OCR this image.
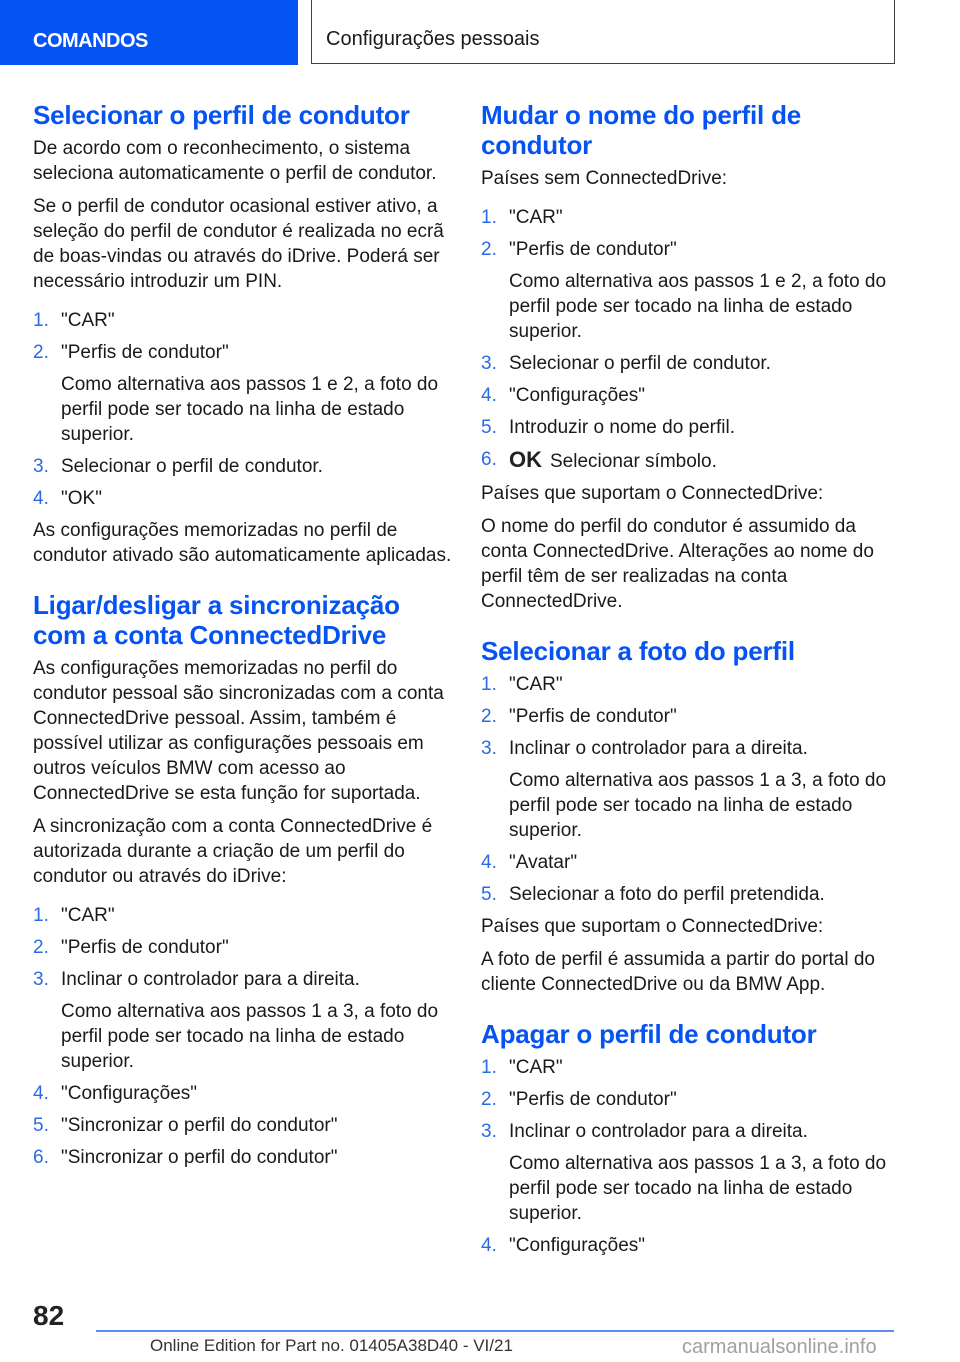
COMANDOS	Configurações pessoais
Selecionar o perfil de condutor

De acordo com o reconhecimento, o sistema seleciona automaticamente o perfil de condutor.

Se o perfil de condutor ocasional estiver ativo, a seleção do perfil de condutor é realizada no ecrã de boas-vindas ou através do iDrive. Poderá ser necessário introduzir um PIN.

1. "CAR"
2. "Perfis de condutor"
Como alternativa aos passos 1 e 2, a foto do perfil pode ser tocado na linha de estado superior.
3. Selecionar o perfil de condutor.
4. "OK"

As configurações memorizadas no perfil de condutor ativado são automaticamente aplicadas.

Ligar/desligar a sincronização com a conta ConnectedDrive

As configurações memorizadas no perfil do condutor pessoal são sincronizadas com a conta ConnectedDrive pessoal. Assim, também é possível utilizar as configurações pessoais em outros veículos BMW com acesso ao ConnectedDrive se esta função for suportada.

A sincronização com a conta ConnectedDrive é autorizada durante a criação de um perfil do condutor ou através do iDrive:

1. "CAR"
2. "Perfis de condutor"
3. Inclinar o controlador para a direita.
Como alternativa aos passos 1 a 3, a foto do perfil pode ser tocado na linha de estado superior.
4. "Configurações"
5. "Sincronizar o perfil do condutor"
6. "Sincronizar o perfil do condutor"
Mudar o nome do perfil de condutor

Países sem ConnectedDrive:

1. "CAR"
2. "Perfis de condutor"
Como alternativa aos passos 1 e 2, a foto do perfil pode ser tocado na linha de estado superior.
3. Selecionar o perfil de condutor.
4. "Configurações"
5. Introduzir o nome do perfil.
6. OK Selecionar símbolo.

Países que suportam o ConnectedDrive:

O nome do perfil do condutor é assumido da conta ConnectedDrive. Alterações ao nome do perfil têm de ser realizadas na conta ConnectedDrive.

Selecionar a foto do perfil
1. "CAR"
2. "Perfis de condutor"
3. Inclinar o controlador para a direita.
Como alternativa aos passos 1 a 3, a foto do perfil pode ser tocado na linha de estado superior.
4. "Avatar"
5. Selecionar a foto do perfil pretendida.

Países que suportam o ConnectedDrive:

A foto de perfil é assumida a partir do portal do cliente ConnectedDrive ou da BMW App.

Apagar o perfil de condutor
1. "CAR"
2. "Perfis de condutor"
3. Inclinar o controlador para a direita.
Como alternativa aos passos 1 a 3, a foto do perfil pode ser tocado na linha de estado superior.
4. "Configurações"
82
Online Edition for Part no. 01405A38D40 - VI/21	carmanualsonline.info
